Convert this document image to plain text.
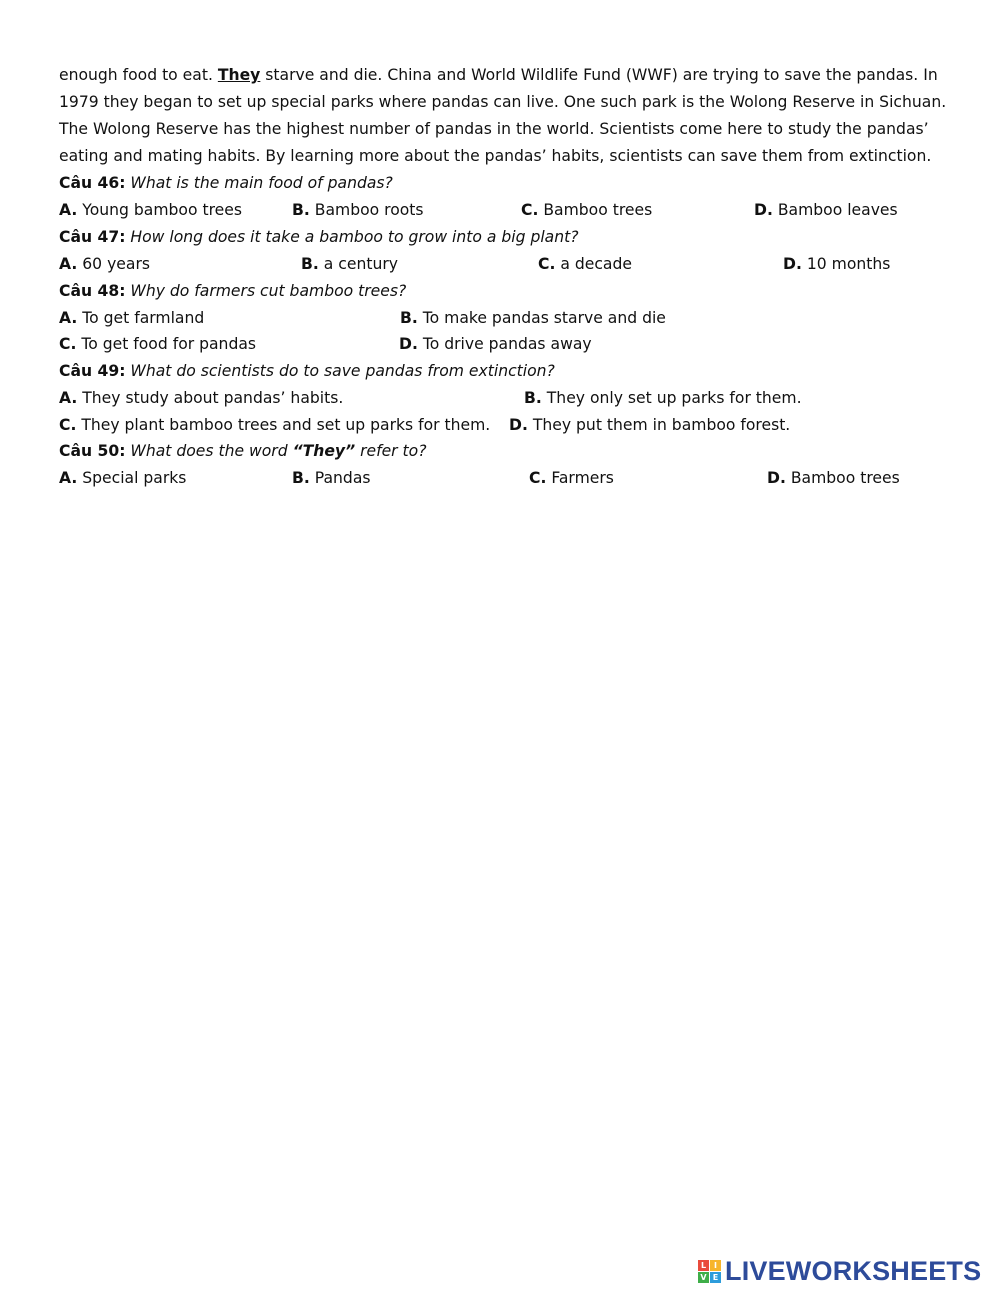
enough food to eat. They starve and die. China and World Wildlife Fund (WWF) are trying to save the pandas. In
1979 they began to set up special parks where pandas can live. One such park is the Wolong Reserve in Sichuan.
The Wolong Reserve has the highest number of pandas in the world. Scientists come here to study the pandas’
eating and mating habits. By learning more about the pandas’ habits, scientists can save them from extinction.
Câu 46: What is the main food of pandas?
A. Young bamboo trees	B. Bamboo roots	C. Bamboo trees	D. Bamboo leaves
Câu 47: How long does it take a bamboo to grow into a big plant?
A. 60 years	B. a century	C. a decade	D. 10 months
Câu 48: Why do farmers cut bamboo trees?
A. To get farmland	B. To make pandas starve and die
C. To get food for pandas	D. To drive pandas away
Câu 49: What do scientists do to save pandas from extinction?
A. They study about pandas’ habits.	B. They only set up parks for them.
C. They plant bamboo trees and set up parks for them. D. They put them in bamboo forest.
Câu 50: What does the word “They” refer to?
A. Special parks	B. Pandas	C. Farmers	D. Bamboo trees
L I
V E LIVEWORKSHEETS
